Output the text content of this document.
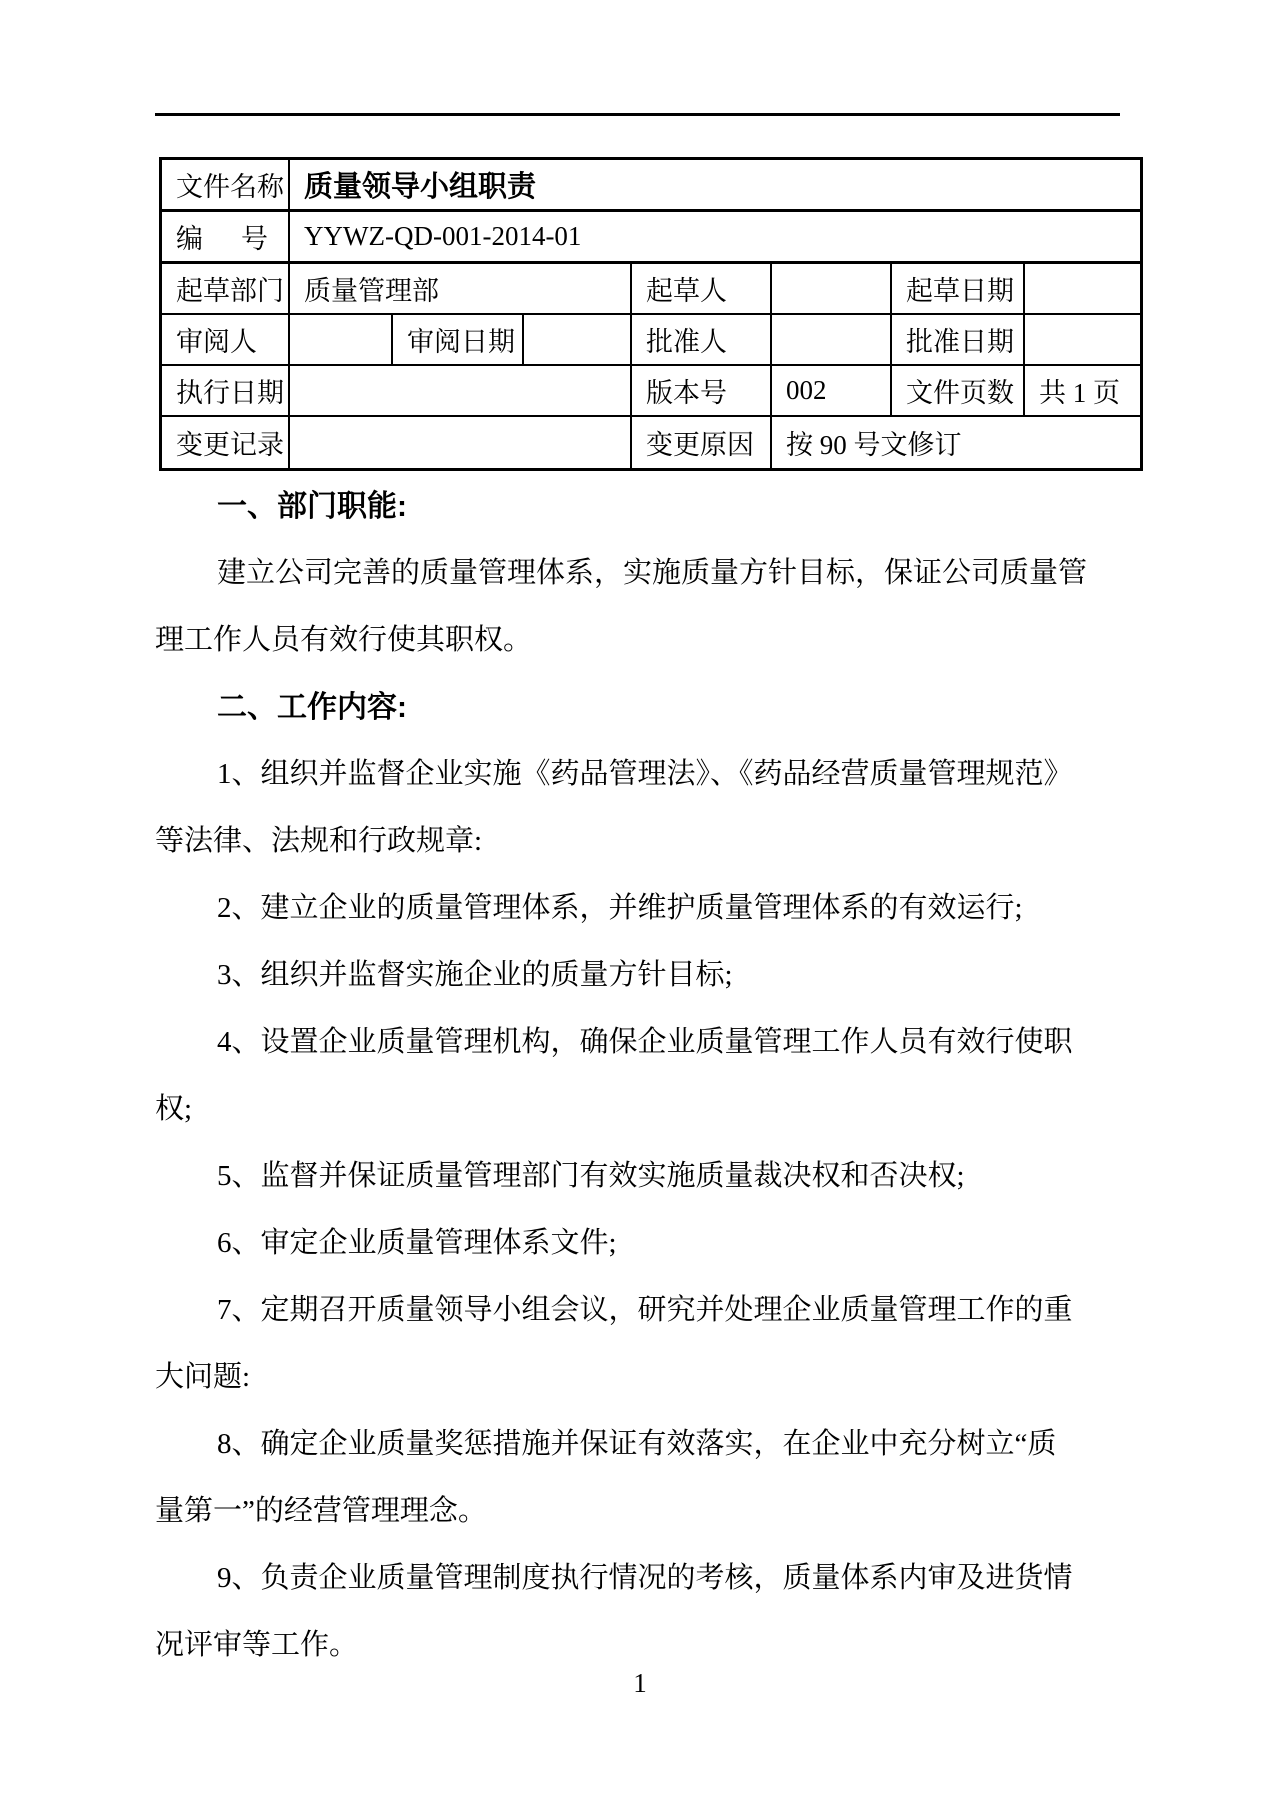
文件名称 质量领导小组职责
编 号	YYWZ-QD-001-2014-01
起草部门 质量管理部	起草人	起草日期
审阅人	审阅日期	批准人	批准日期
执行日期	版本号	002	文件页数 共 1 页
变更记录	变更原因	按 90 号文修订
一、部门职能:
建立公司完善的质量管理体系，实施质量方针目标，保证公司质量管
理工作人员有效行使其职权。
二、工作内容:
1、组织并监督企业实施《药品管理法》、《药品经营质量管理规范》
等法律、法规和行政规章:
2、建立企业的质量管理体系，并维护质量管理体系的有效运行;
3、组织并监督实施企业的质量方针目标;
4、设置企业质量管理机构，确保企业质量管理工作人员有效行使职
权;
5、监督并保证质量管理部门有效实施质量裁决权和否决权;
6、审定企业质量管理体系文件;
7、定期召开质量领导小组会议，研究并处理企业质量管理工作的重
大问题:
8、确定企业质量奖惩措施并保证有效落实，在企业中充分树立“质
量第一”的经营管理理念。
9、负责企业质量管理制度执行情况的考核，质量体系内审及进货情
况评审等工作。
1
